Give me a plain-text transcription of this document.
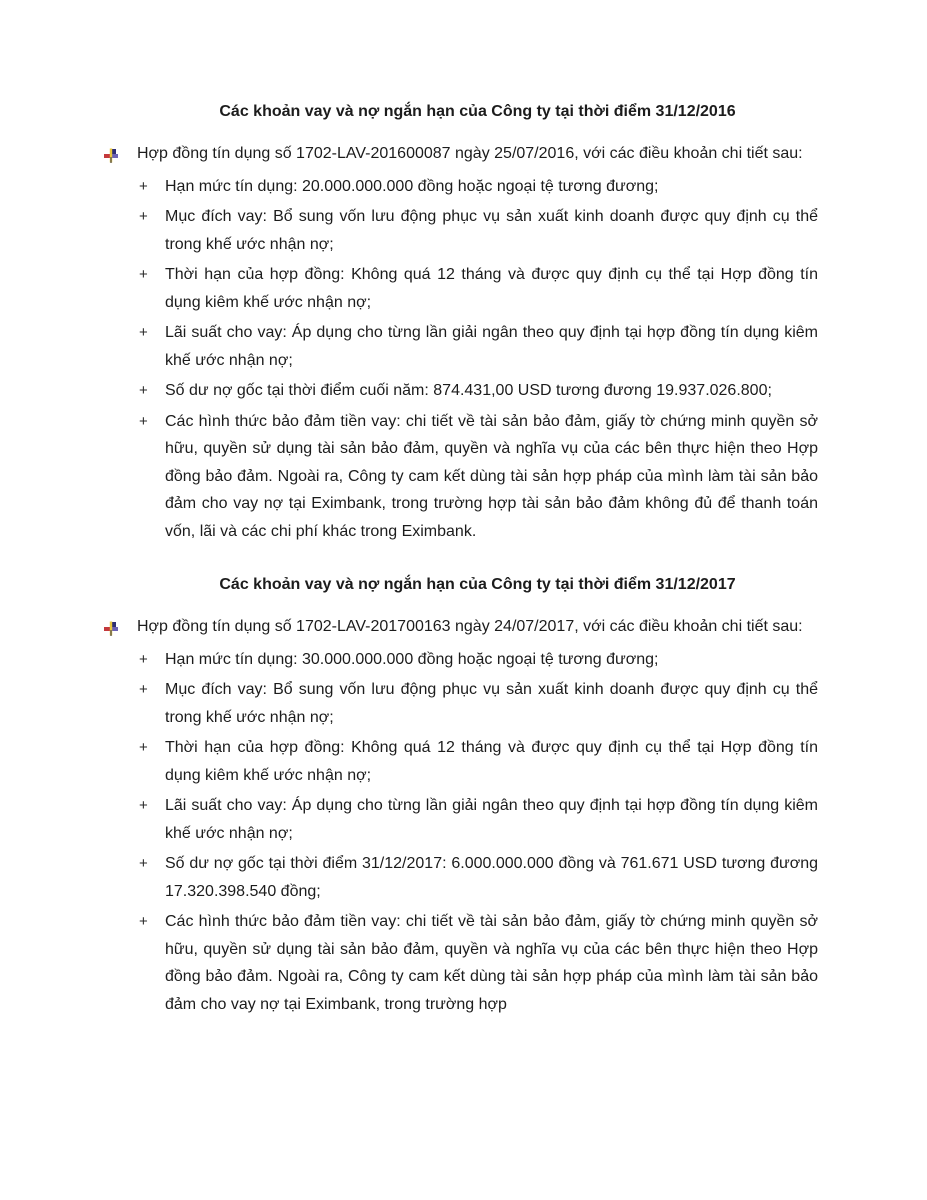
Các khoản vay và nợ ngắn hạn của Công ty tại thời điểm 31/12/2016
Hợp đồng tín dụng số 1702-LAV-201600087 ngày 25/07/2016, với các điều khoản chi tiết sau:
+	Hạn mức tín dụng: 20.000.000.000 đồng hoặc ngoại tệ tương đương;
+	Mục đích vay: Bổ sung vốn lưu động phục vụ sản xuất kinh doanh được quy định cụ thể trong khế ước nhận nợ;
+	Thời hạn của hợp đồng: Không quá 12 tháng và được quy định cụ thể tại Hợp đồng tín dụng kiêm khế ước nhận nợ;
+	Lãi suất cho vay: Áp dụng cho từng lần giải ngân theo quy định tại hợp đồng tín dụng kiêm khế ước nhận nợ;
+	Số dư nợ gốc tại thời điểm cuối năm: 874.431,00 USD tương đương 19.937.026.800;
+	Các hình thức bảo đảm tiền vay: chi tiết về tài sản bảo đảm, giấy tờ chứng minh quyền sở hữu, quyền sử dụng tài sản bảo đảm, quyền và nghĩa vụ của các bên thực hiện theo Hợp đồng bảo đảm. Ngoài ra, Công ty cam kết dùng tài sản hợp pháp của mình làm tài sản bảo đảm cho vay nợ tại Eximbank, trong trường hợp tài sản bảo đảm không đủ để thanh toán vốn, lãi và các chi phí khác trong Eximbank.
Các khoản vay và nợ ngắn hạn của Công ty tại thời điểm 31/12/2017
Hợp đồng tín dụng số 1702-LAV-201700163 ngày 24/07/2017, với các điều khoản chi tiết sau:
+	Hạn mức tín dụng: 30.000.000.000 đồng hoặc ngoại tệ tương đương;
+	Mục đích vay: Bổ sung vốn lưu động phục vụ sản xuất kinh doanh được quy định cụ thể trong khế ước nhận nợ;
+	Thời hạn của hợp đồng: Không quá 12 tháng và được quy định cụ thể tại Hợp đồng tín dụng kiêm khế ước nhận nợ;
+	Lãi suất cho vay: Áp dụng cho từng lần giải ngân theo quy định tại hợp đồng tín dụng kiêm khế ước nhận nợ;
+	Số dư nợ gốc tại thời điểm 31/12/2017: 6.000.000.000 đồng và 761.671 USD tương đương 17.320.398.540 đồng;
+	Các hình thức bảo đảm tiền vay: chi tiết về tài sản bảo đảm, giấy tờ chứng minh quyền sở hữu, quyền sử dụng tài sản bảo đảm, quyền và nghĩa vụ của các bên thực hiện theo Hợp đồng bảo đảm. Ngoài ra, Công ty cam kết dùng tài sản hợp pháp của mình làm tài sản bảo đảm cho vay nợ tại Eximbank, trong trường hợp
